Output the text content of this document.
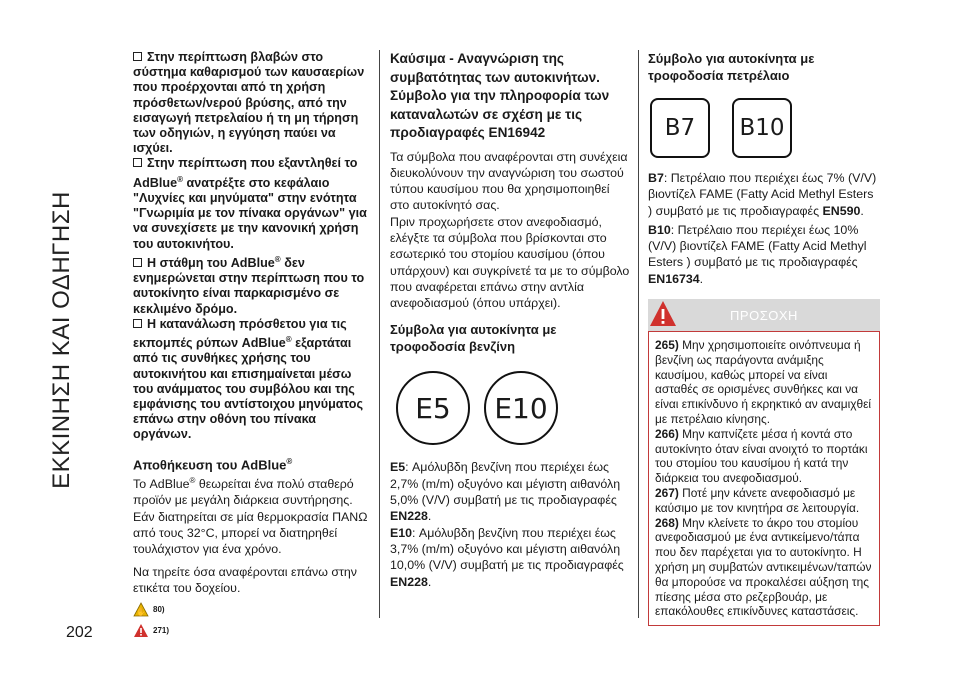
ΕΚΚΙΝΗΣΗ ΚΑΙ ΟΔΗΓΗΣΗ
202
Στην περίπτωση βλαβών στο σύστημα καθαρισμού των καυσαερίων που προέρχονται από τη χρήση πρόσθετων/νερού βρύσης, από την εισαγωγή πετρελαίου ή τη μη τήρηση των οδηγιών, η εγγύηση παύει να ισχύει.
Στην περίπτωση που εξαντληθεί το AdBlue® ανατρέξτε στο κεφάλαιο "Λυχνίες και μηνύματα" στην ενότητα "Γνωριμία με τον πίνακα οργάνων" για να συνεχίσετε με την κανονική χρήση του αυτοκινήτου.
Η στάθμη του AdBlue® δεν ενημερώνεται στην περίπτωση που το αυτοκίνητο είναι παρκαρισμένο σε κεκλιμένο δρόμο.
Η κατανάλωση πρόσθετου για τις εκπομπές ρύπων AdBlue® εξαρτάται από τις συνθήκες χρήσης του αυτοκινήτου και επισημαίνεται μέσω του ανάμματος του συμβόλου και της εμφάνισης του αντίστοιχου μηνύματος επάνω στην οθόνη του πίνακα οργάνων.
Αποθήκευση του AdBlue®
Το AdBlue® θεωρείται ένα πολύ σταθερό προϊόν με μεγάλη διάρκεια συντήρησης. Εάν διατηρείται σε μία θερμοκρασία ΠΑΝΩ από τους 32°C, μπορεί να διατηρηθεί τουλάχιστον για ένα χρόνο.
Να τηρείτε όσα αναφέρονται επάνω στην ετικέτα του δοχείου.
✋ 80)
271)
Καύσιμα - Αναγνώριση της συμβατότητας των αυτοκινήτων. Σύμβολο για την πληροφορία των καταναλωτών σε σχέση με τις προδιαγραφές EN16942
Τα σύμβολα που αναφέρονται στη συνέχεια διευκολύνουν την αναγνώριση του σωστού τύπου καυσίμου που θα χρησιμοποιηθεί στο αυτοκίνητό σας.
Πριν προχωρήσετε στον ανεφοδιασμό, ελέγξτε τα σύμβολα που βρίσκονται στο εσωτερικό του στομίου καυσίμου (όπου υπάρχουν) και συγκρίνετέ τα με το σύμβολο που αναφέρεται επάνω στην αντλία ανεφοδιασμού (όπου υπάρχει).
Σύμβολα για αυτοκίνητα με τροφοδοσία βενζίνη
E5	E10
E5: Αμόλυβδη βενζίνη που περιέχει έως 2,7% (m/m) οξυγόνο και μέγιστη αιθανόλη 5,0% (V/V) συμβατή με τις προδιαγραφές EN228.
E10: Αμόλυβδη βενζίνη που περιέχει έως 3,7% (m/m) οξυγόνο και μέγιστη αιθανόλη 10,0% (V/V) συμβατή με τις προδιαγραφές EN228.
Σύμβολο για αυτοκίνητα με τροφοδοσία πετρέλαιο
B7	B10
B7: Πετρέλαιο που περιέχει έως 7% (V/V) βιοντίζελ FAME (Fatty Acid Methyl Esters ) συμβατό με τις προδιαγραφές EN590.
B10: Πετρέλαιο που περιέχει έως 10% (V/V) βιοντίζελ FAME (Fatty Acid Methyl Esters ) συμβατό με τις προδιαγραφές EN16734.
ΠΡΟΣΟΧΗ
265) Μην χρησιμοποιείτε οινόπνευμα ή βενζίνη ως παράγοντα ανάμιξης καυσίμου, καθώς μπορεί να είναι ασταθές σε ορισμένες συνθήκες και να είναι επικίνδυνο ή εκρηκτικό αν αναμιχθεί με πετρέλαιο κίνησης.
266) Μην καπνίζετε μέσα ή κοντά στο αυτοκίνητο όταν είναι ανοιχτό το πορτάκι του στομίου του καυσίμου ή κατά την διάρκεια του ανεφοδιασμού.
267) Ποτέ μην κάνετε ανεφοδιασμό με καύσιμο με τον κινητήρα σε λειτουργία.
268) Μην κλείνετε το άκρο του στομίου ανεφοδιασμού με ένα αντικείμενο/τάπα που δεν παρέχεται για το αυτοκίνητο. Η χρήση μη συμβατών αντικειμένων/ταπών θα μπορούσε να προκαλέσει αύξηση της πίεσης μέσα στο ρεζερβουάρ, με επακόλουθες επικίνδυνες καταστάσεις.
